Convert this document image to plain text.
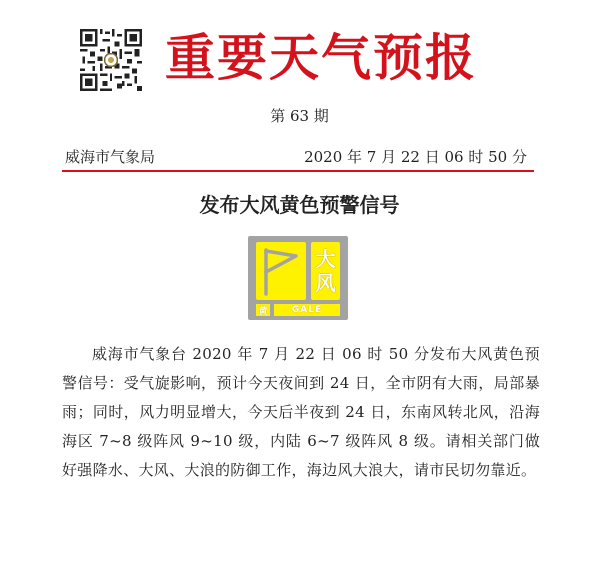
重要天气预报
第 63 期
威海市气象局	2020 年 7 月 22 日 06 时 50 分
发布大风黄色预警信号
大
风
黄	GALE

威海市气象台 2020 年 7 月 22 日 06 时 50 分发布大风黄色预警信号：受气旋影响，预计今天夜间到 24 日，全市阴有大雨，局部暴雨；同时，风力明显增大，今天后半夜到 24 日，东南风转北风，沿海海区 7~8 级阵风 9~10 级，内陆 6~7 级阵风 8 级。请相关部门做好强降水、大风、大浪的防御工作，海边风大浪大，请市民切勿靠近。
